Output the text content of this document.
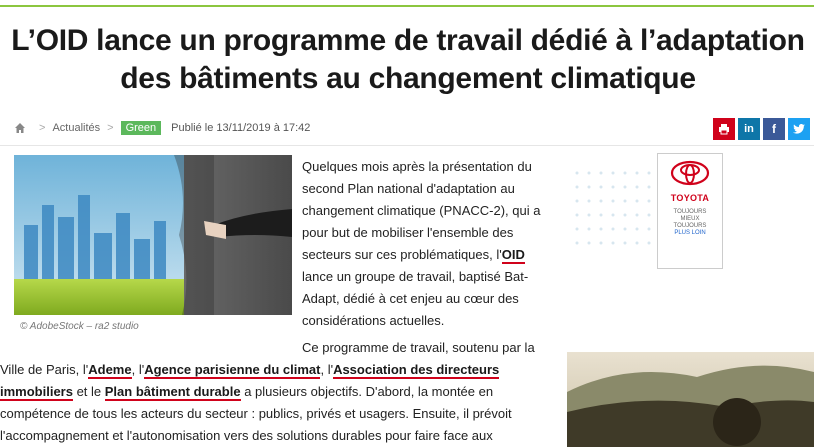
L’OID lance un programme de travail dédié à l’adaptation des bâtiments au changement climatique
> Actualités >	Green	Publié le 13/11/2019 à 17:42	in	f
© AdobeStock – ra2 studio
Quelques mois après la présentation du second Plan national d'adaptation au changement climatique (PNACC-2), qui a pour but de mobiliser l'ensemble des secteurs sur ces problématiques, l'OID lance un groupe de travail, baptisé Bat-Adapt, dédié à cet enjeu au cœur des considérations actuelles.
Ce programme de travail, soutenu par la
Ville de Paris, l'Ademe, l'Agence parisienne du climat, l'Association des directeurs immobiliers et le Plan bâtiment durable a plusieurs objectifs. D'abord, la montée en compétence de tous les acteurs du secteur : publics, privés et usagers. Ensuite, il prévoit l'accompagnement et l'autonomisation vers des solutions durables pour faire face aux
TOYOTA
TOUJOURS
MIEUX
TOUJOURS
PLUS LOIN
